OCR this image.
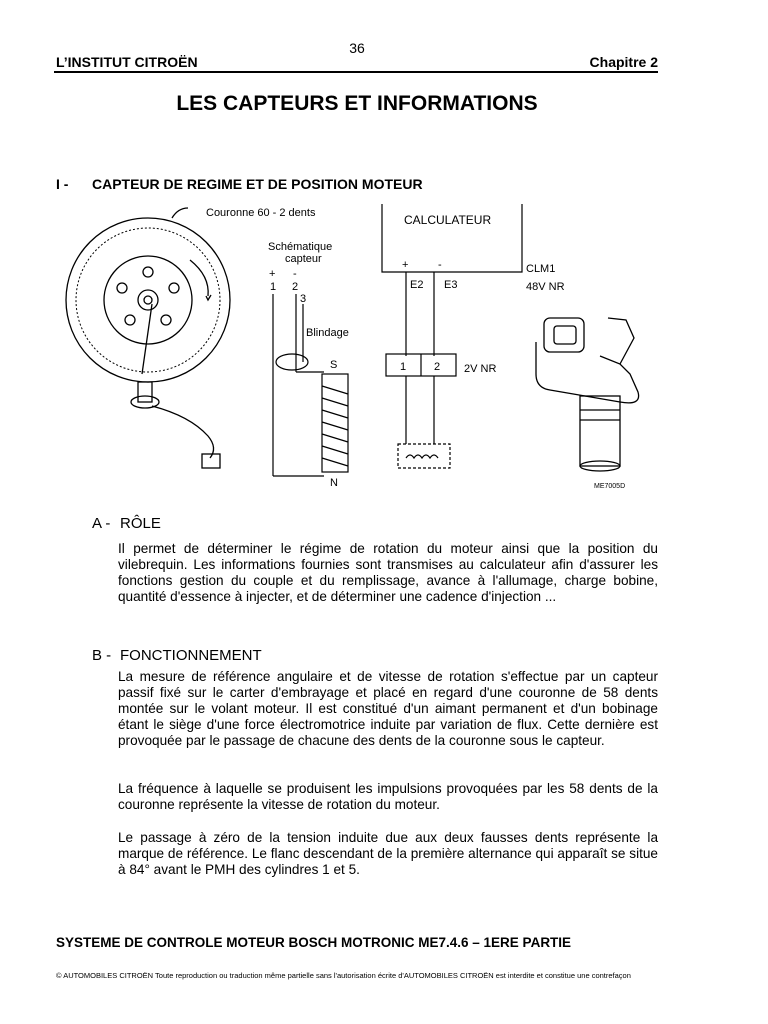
36
L’INSTITUT CITROËN	Chapitre 2
LES CAPTEURS ET INFORMATIONS
I - CAPTEUR DE REGIME ET DE POSITION MOTEUR
Couronne 60 - 2 dents
Schématique
capteur
+ -
1 2
3
Blindage
S
N
CALCULATEUR
+	-
E2 E3
CLM1
48V NR
1	2 2V NR
ME7005D
A - RÔLE
Il permet de déterminer le régime de rotation du moteur ainsi que la position du vilebrequin. Les informations fournies sont transmises au calculateur afin d'assurer les fonctions gestion du couple et du remplissage, avance à l'allumage, charge bobine, quantité d'essence à injecter, et de déterminer une cadence d'injection ...
B - FONCTIONNEMENT
La mesure de référence angulaire et de vitesse de rotation s'effectue par un capteur passif fixé sur le carter d'embrayage et placé en regard d'une couronne de 58 dents montée sur le volant moteur. Il est constitué d'un aimant permanent et d'un bobinage étant le siège d'une force électromotrice induite par variation de flux. Cette dernière est provoquée par le passage de chacune des dents de la couronne sous le capteur.
La fréquence à laquelle se produisent les impulsions provoquées par les 58 dents de la couronne représente la vitesse de rotation du moteur.
Le passage à zéro de la tension induite due aux deux fausses dents représente la marque de référence. Le flanc descendant de la première alternance qui apparaît se situe à 84° avant le PMH des cylindres 1 et 5.
SYSTEME DE CONTROLE MOTEUR BOSCH MOTRONIC ME7.4.6 – 1ERE PARTIE
© AUTOMOBILES CITROËN Toute reproduction ou traduction même partielle sans l'autorisation écrite d'AUTOMOBILES CITROËN est interdite et constitue une contrefaçon
